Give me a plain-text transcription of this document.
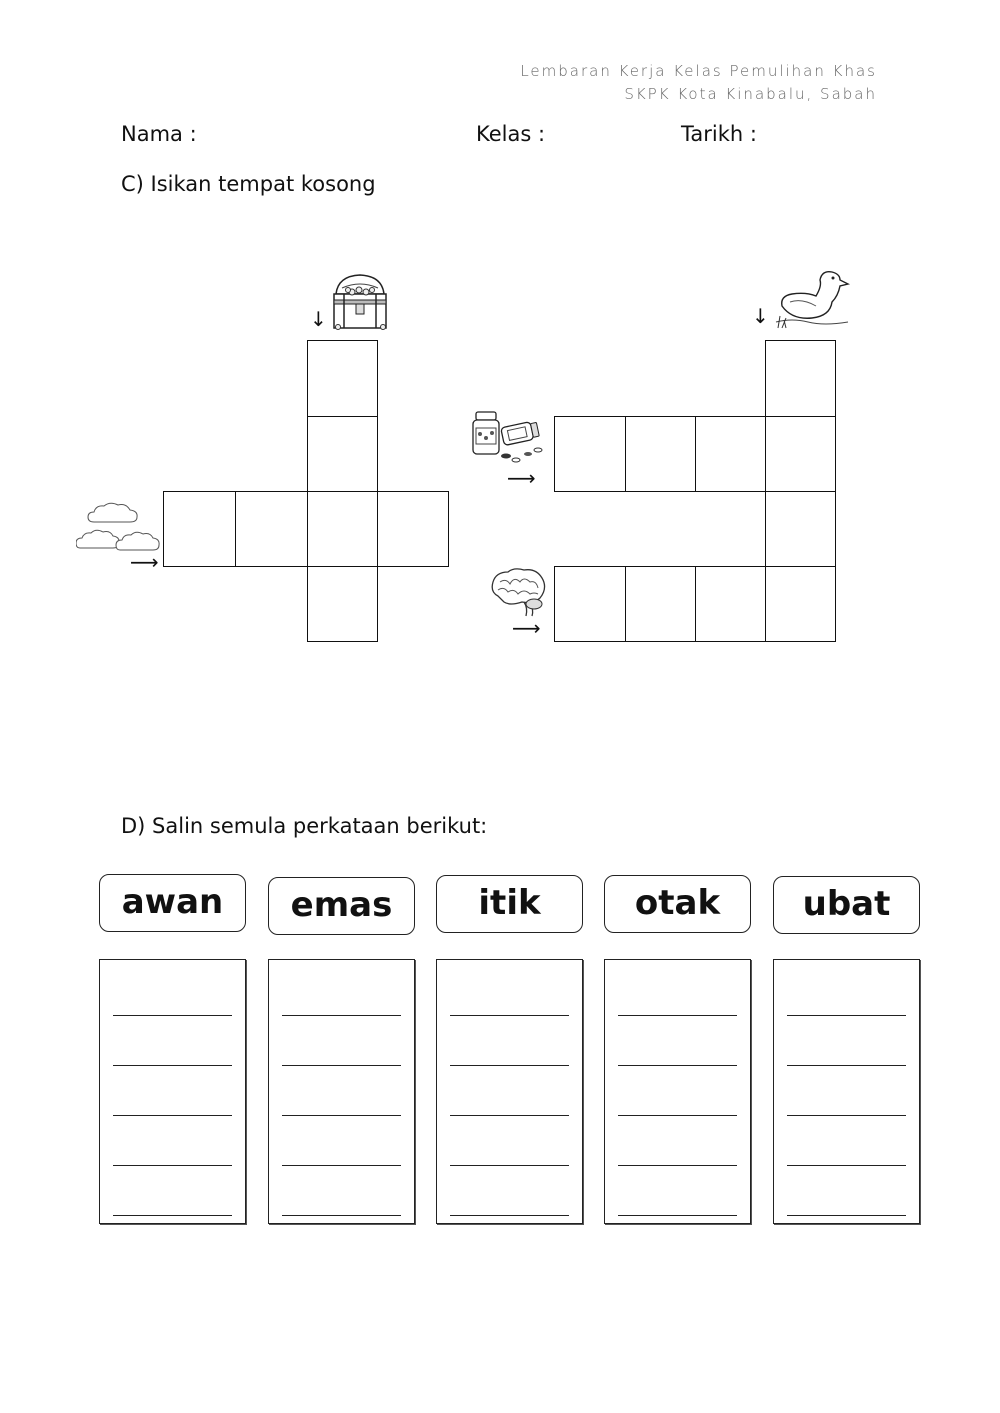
Lembaran Kerja Kelas Pemulihan Khas
SKPK Kota Kinabalu, Sabah
Nama :	Kelas :	Tarikh :
C) Isikan tempat kosong
↓	↓
⟶
⟶
⟶
D) Salin semula perkataan berikut:
awan	emas	itik	otak	ubat
